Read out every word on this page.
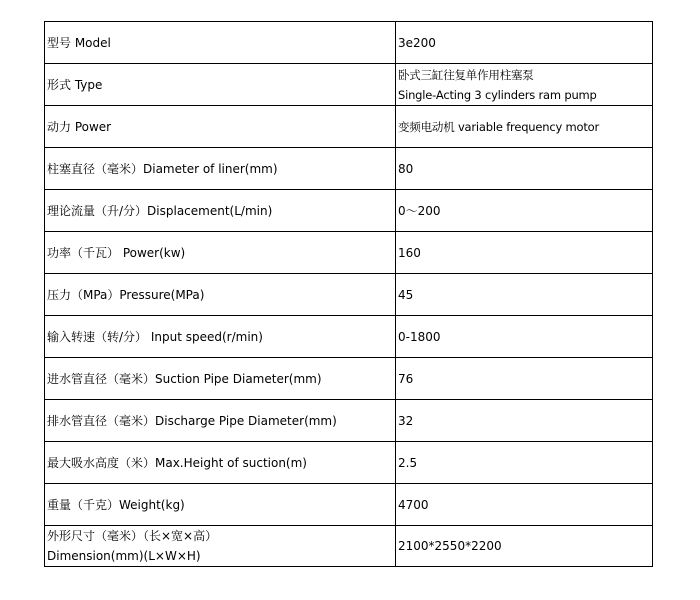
型号 Model	3e200
形式 Type	卧式三缸往复单作用柱塞泵
Single-Acting 3 cylinders ram pump

动力 Power	变频电动机 variable frequency motor
柱塞直径（毫米）Diameter of liner(mm)	80
理论流量（升/分）Displacement(L/min)	0～200
功率（千瓦） Power(kw)	160
压力（MPa）Pressure(MPa)	45
输入转速（转/分） Input speed(r/min)	0-1800
进水管直径（毫米）Suction Pipe Diameter(mm)	76
排水管直径（毫米）Discharge Pipe Diameter(mm)	32
最大吸水高度（米）Max.Height of suction(m)	2.5
重量（千克）Weight(kg)	4700

外形尺寸（毫米）（长×宽×高）
Dimension(mm)(L×W×H)	2100*2550*2200
